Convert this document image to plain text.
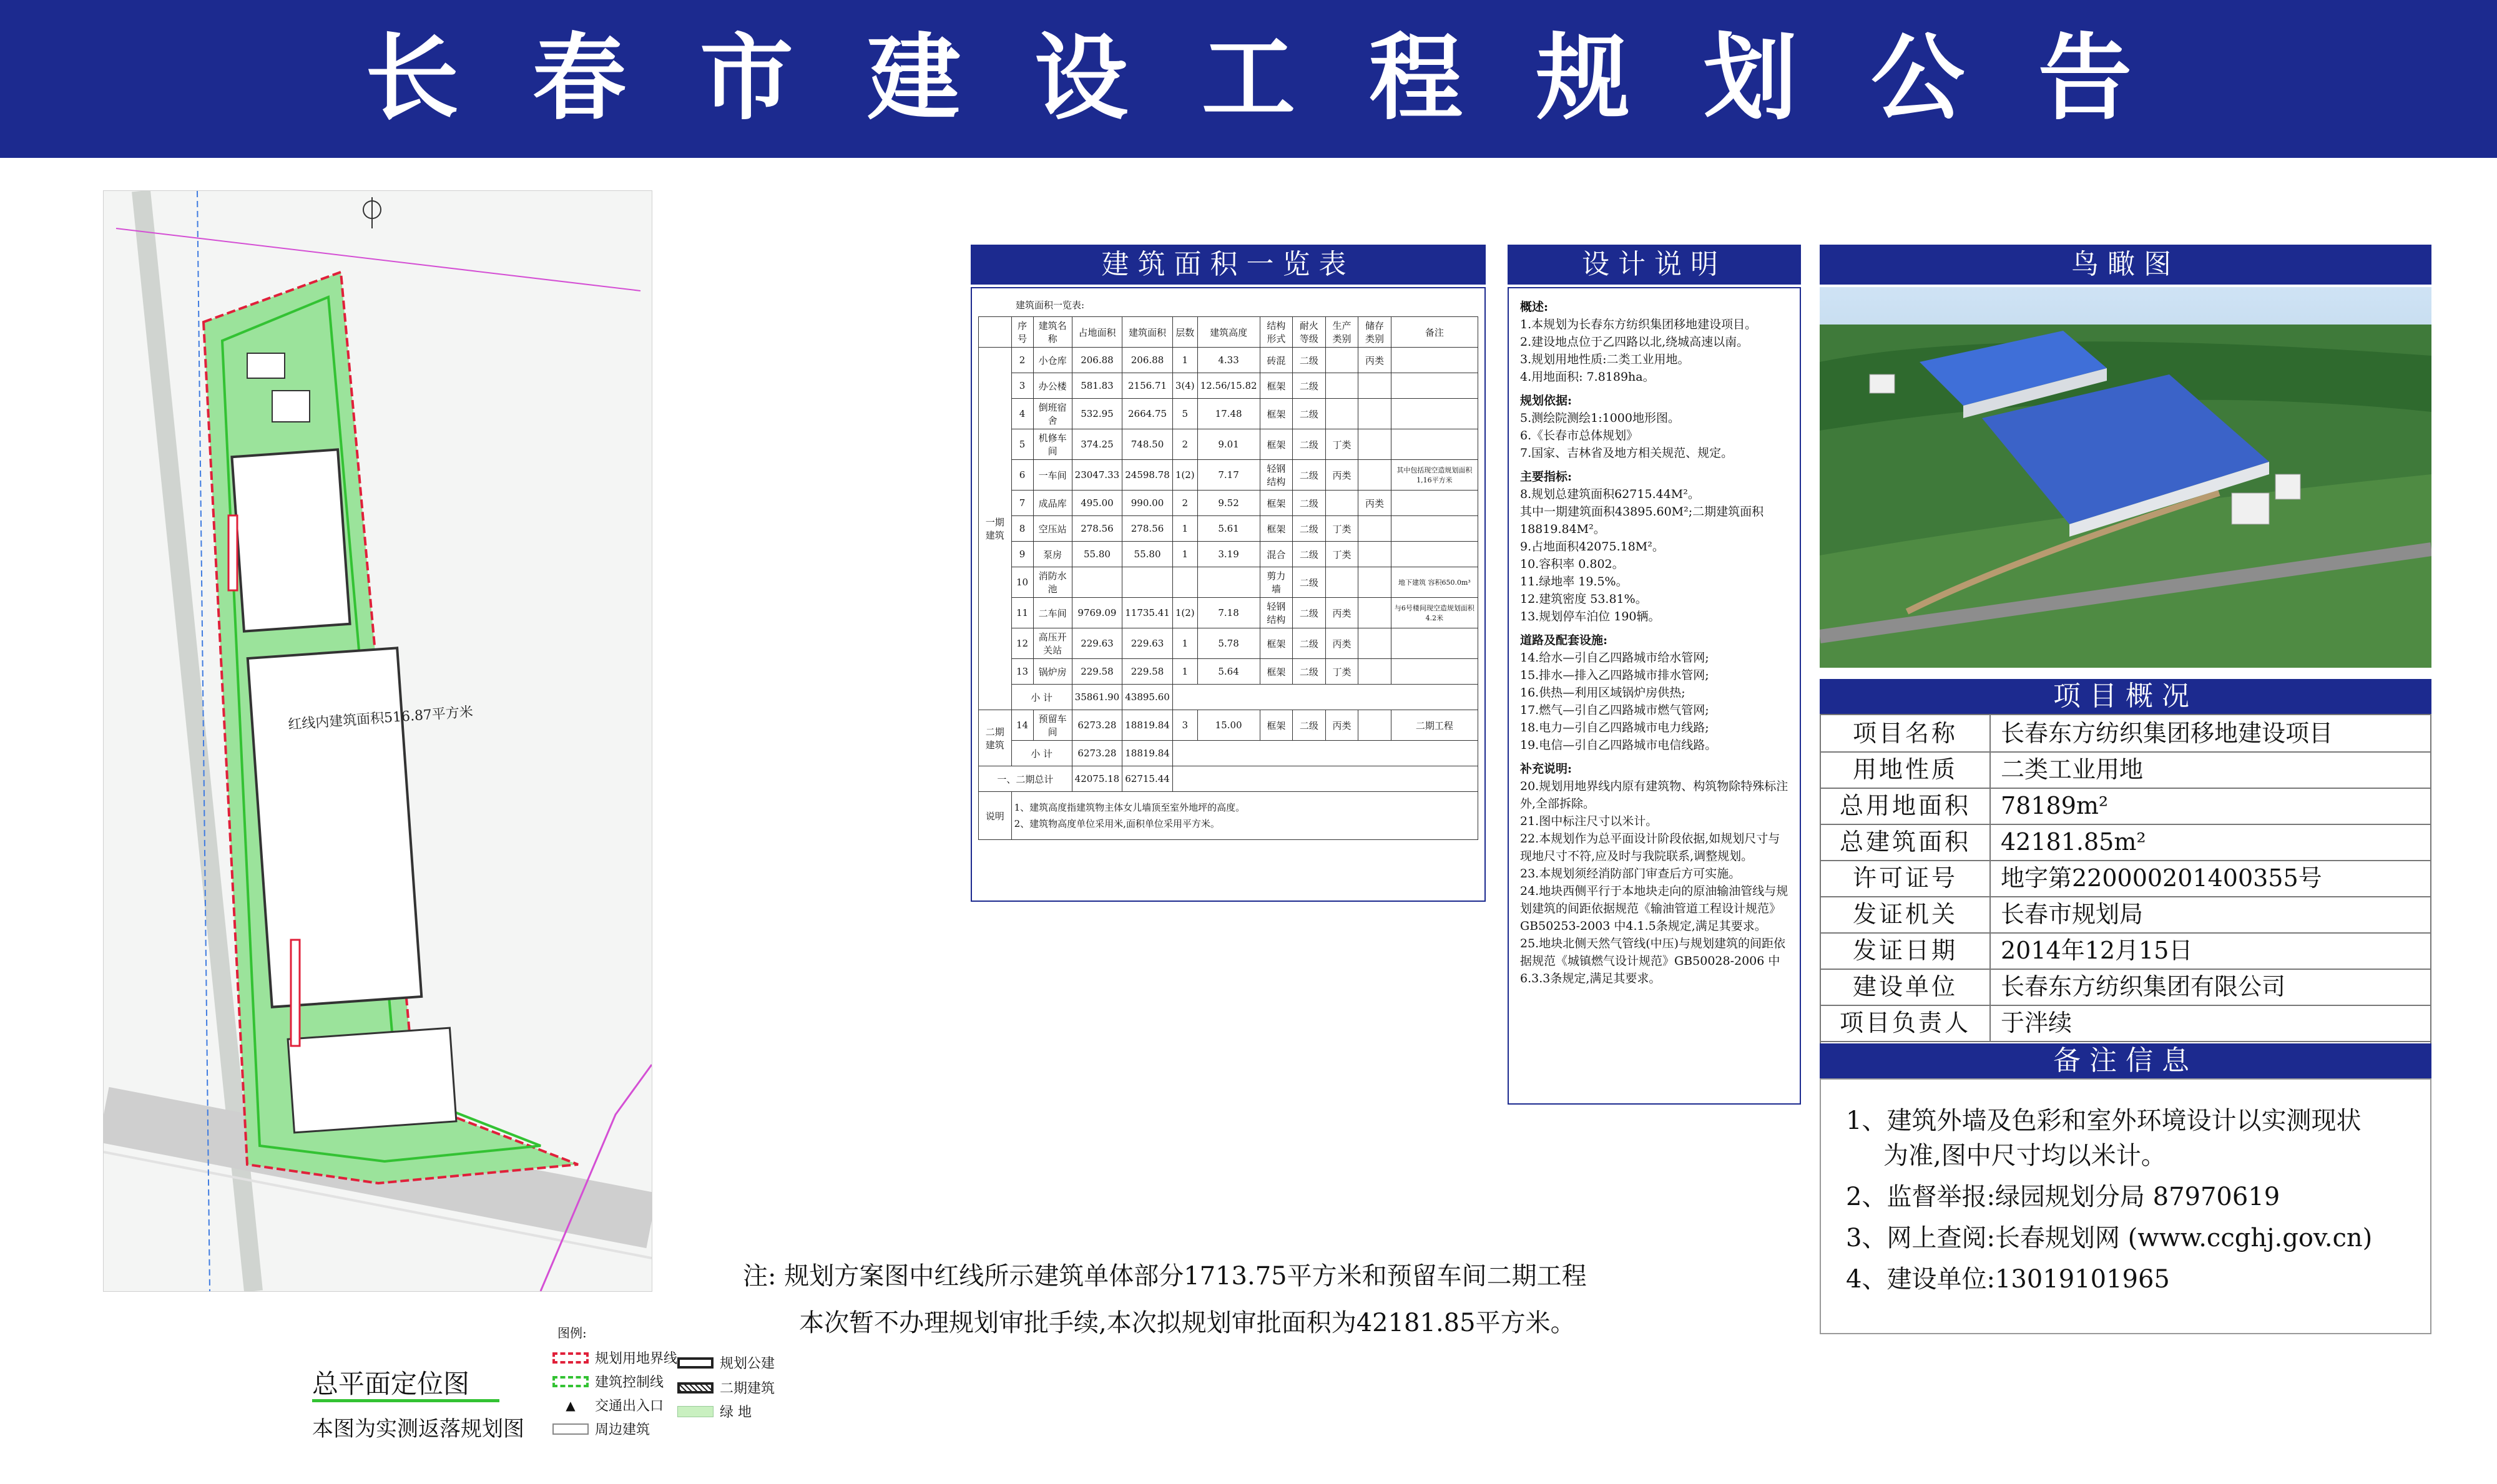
长春市建设工程规划公告
红线内建筑面积516.87平方米
总平面定位图
本图为实测返落规划图
图例:
规划用地界线
建筑控制线
▲	交通出入口
周边建筑
规划公建
二期建筑
绿 地
建筑面积一览表
建筑面积一览表:
	序号	建筑名称	占地面积	建筑面积	层数	建筑高度	结构形式	耐火等级	生产类别	储存类别	备注
一期建筑	2	小仓库	206.88	206.88	1	4.33	砖混	二级		丙类	
	3	办公楼	581.83	2156.71	3(4)	12.56/15.82	框架	二级			
	4	倒班宿舍	532.95	2664.75	5	17.48	框架	二级			
	5	机修车间	374.25	748.50	2	9.01	框架	二级	丁类		
	6	一车间	23047.33	24598.78	1(2)	7.17	轻钢结构	二级	丙类		其中包括现空造规划面积1,16平方米
	7	成品库	495.00	990.00	2	9.52	框架	二级		丙类	
	8	空压站	278.56	278.56	1	5.61	框架	二级	丁类		
	9	泵房	55.80	55.80	1	3.19	混合	二级	丁类		
	10	消防水池					剪力墙	二级			地下建筑 容积650.0m³
	11	二车间	9769.09	11735.41	1(2)	7.18	轻钢结构	二级	丙类		与6号楼间现空造规划面积4.2米
	12	高压开关站	229.63	229.63	1	5.78	框架	二级	丙类		
	13	锅炉房	229.58	229.58	1	5.64	框架	二级	丁类		
	小 计		35861.90	43895.60							
二期建筑	14	预留车间	6273.28	18819.84	3	15.00	框架	二级	丙类		二期工程
	小 计		6273.28	18819.84							
一、二期总计			42075.18	62715.44							
说明	1、建筑高度指建筑物主体女儿墙顶至室外地坪的高度。
2、建筑物高度单位采用米,面积单位采用平方米。										
设计说明
概述:
1.本规划为长春东方纺织集团移地建设项目。
2.建设地点位于乙四路以北,绕城高速以南。
3.规划用地性质:二类工业用地。
4.用地面积: 7.8189ha。
规划依据:
5.测绘院测绘1:1000地形图。
6.《长春市总体规划》
7.国家、吉林省及地方相关规范、规定。
主要指标:
8.规划总建筑面积62715.44M²。
其中一期建筑面积43895.60M²;二期建筑面积18819.84M²。
9.占地面积42075.18M²。
10.容积率 0.802。
11.绿地率 19.5%。
12.建筑密度 53.81%。
13.规划停车泊位 190辆。
道路及配套设施:
14.给水—引自乙四路城市给水管网;
15.排水—排入乙四路城市排水管网;
16.供热—利用区域锅炉房供热;
17.燃气—引自乙四路城市燃气管网;
18.电力—引自乙四路城市电力线路;
19.电信—引自乙四路城市电信线路。
补充说明:
20.规划用地界线内原有建筑物、构筑物除特殊标注外,全部拆除。
21.图中标注尺寸以米计。
22.本规划作为总平面设计阶段依据,如规划尺寸与现地尺寸不符,应及时与我院联系,调整规划。
23.本规划须经消防部门审查后方可实施。
24.地块西侧平行于本地块走向的原油输油管线与规划建筑的间距依据规范《输油管道工程设计规范》GB50253-2003 中4.1.5条规定,满足其要求。
25.地块北侧天然气管线(中压)与规划建筑的间距依据规范《城镇燃气设计规范》GB50028-2006 中6.3.3条规定,满足其要求。
鸟瞰图
项目概况
项目名称	长春东方纺织集团移地建设项目
用地性质	二类工业用地
总用地面积	78189m²
总建筑面积	42181.85m²
许可证号	地字第220000201400355号
发证机关	长春市规划局
发证日期	2014年12月15日
建设单位	长春东方纺织集团有限公司
项目负责人	于泮续
备注信息
1、建筑外墙及色彩和室外环境设计以实测现状
为准,图中尺寸均以米计。
2、监督举报:绿园规划分局 87970619
3、网上查阅:长春规划网 (www.ccghj.gov.cn)
4、建设单位:13019101965
注: 规划方案图中红线所示建筑单体部分1713.75平方米和预留车间二期工程
本次暂不办理规划审批手续,本次拟规划审批面积为42181.85平方米。
